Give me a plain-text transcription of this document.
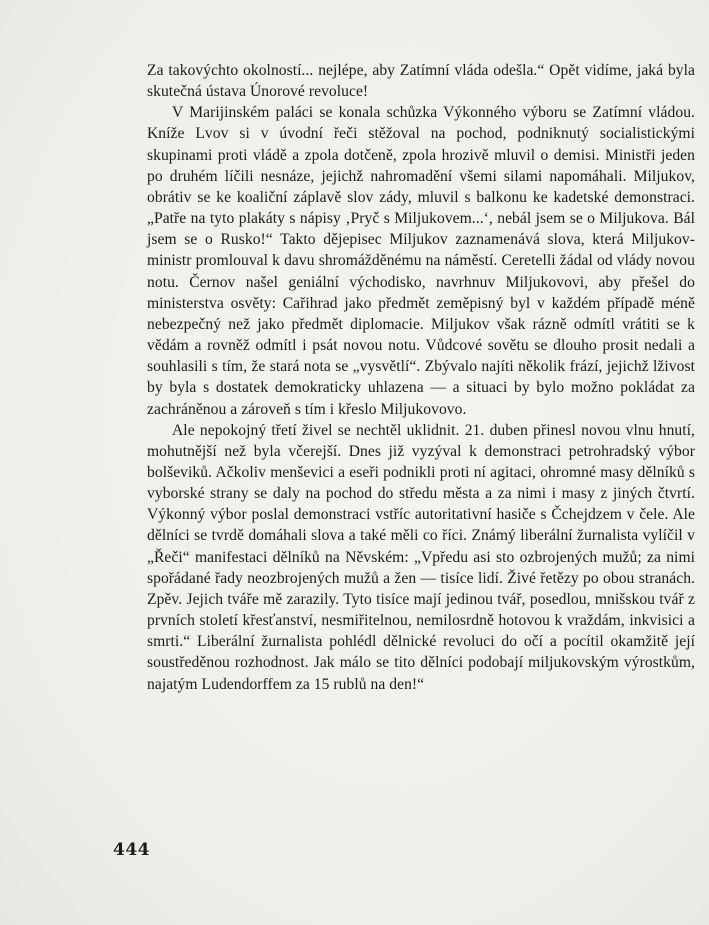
Za takovýchto okolností... nejlépe, aby Zatímní vláda odešla.“ Opět vidíme, jaká byla skutečná ústava Únorové revoluce!

V Marijinském paláci se konala schůzka Výkonného výboru se Zatímní vládou. Kníže Lvov si v úvodní řeči stěžoval na pochod, podniknutý socialistickými skupinami proti vládě a zpola dotčeně, zpola hrozivě mluvil o demisi. Ministři jeden po druhém líčili nesnáze, jejichž nahromadění všemi silami napomáhali. Miljukov, obrátiv se ke koaliční záplavě slov zády, mluvil s balkonu ke kadetské demonstraci. „Patře na tyto plakáty s nápisy ‚Pryč s Miljukovem...‘, nebál jsem se o Miljukova. Bál jsem se o Rusko!“ Takto dějepisec Miljukov zaznamenává slova, která Miljukov-ministr promlouval k davu shromážděnému na náměstí. Ceretelli žádal od vlády novou notu. Černov našel geniální východisko, navrhnuv Miljukovovi, aby přešel do ministerstva osvěty: Cařihrad jako předmět zeměpisný byl v každém případě méně nebezpečný než jako předmět diplomacie. Miljukov však rázně odmítl vrátiti se k vědám a rovněž odmítl i psát novou notu. Vůdcové sovětu se dlouho prosit nedali a souhlasili s tím, že stará nota se „vysvětlí“. Zbývalo najíti několik frází, jejichž lživost by byla s dostatek demokraticky uhlazena — a situaci by bylo možno pokládat za zachráněnou a zároveň s tím i křeslo Miljukovovo.

Ale nepokojný třetí živel se nechtěl uklidnit. 21. duben přinesl novou vlnu hnutí, mohutnější než byla včerejší. Dnes již vyzýval k demonstraci petrohradský výbor bolševiků. Ačkoliv menševici a eseři podnikli proti ní agitaci, ohromné masy dělníků s vyborské strany se daly na pochod do středu města a za nimi i masy z jiných čtvrtí. Výkonný výbor poslal demonstraci vstříc autoritativní hasiče s Čchejdzem v čele. Ale dělníci se tvrdě domáhali slova a také měli co říci. Známý liberální žurnalista vylíčil v „Řeči“ manifestaci dělníků na Něvském: „Vpředu asi sto ozbrojených mužů; za nimi spořádané řady neozbrojených mužů a žen — tisíce lidí. Živé řetězy po obou stranách. Zpěv. Jejich tváře mě zarazily. Tyto tisíce mají jedinou tvář, posedlou, mnišskou tvář z prvních století křesťanství, nesmiřitelnou, nemilosrdně hotovou k vraždám, inkvisici a smrti.“ Liberální žurnalista pohlédl dělnické revoluci do očí a pocítil okamžitě její soustředěnou rozhodnost. Jak málo se tito dělníci podobají miljukovským výrostkům, najatým Ludendorffem za 15 rublů na den!“

444
